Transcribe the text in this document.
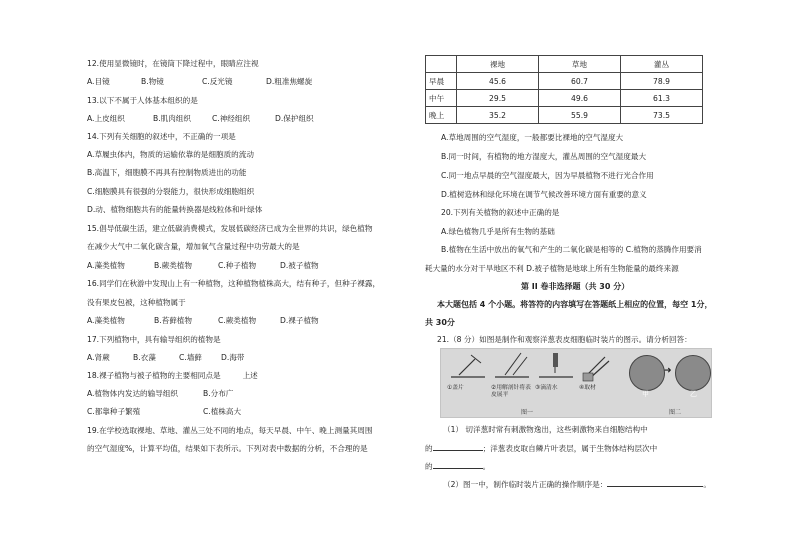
12.使用显微镜时，在镜筒下降过程中，眼睛应注视
A.目镜	B.物镜	C.反光镜	D.粗准焦螺旋
13.以下不属于人体基本组织的是
A.上皮组织	B.肌肉组织	C.神经组织	D.保护组织
14.下列有关细胞的叙述中，不正确的一项是
A.草履虫体内，物质的运输依靠的是细胞质的流动
B.高温下，细胞膜不再具有控制物质进出的功能
C.细胞膜具有很强的分裂能力，很快形成细胞组织
D.动、植物细胞共有的能量转换器是线粒体和叶绿体
15.倡导低碳生活，建立低碳消费模式，发展低碳经济已成为全世界的共识，绿色植物
在减少大气中二氧化碳含量，增加氧气含量过程中功劳最大的是
A.藻类植物	B.蕨类植物	C.种子植物	D.被子植物
16.同学们在秋游中发现山上有一种植物，这种植物植株高大，结有种子，但种子裸露，
没有果皮包被，这种植物属于
A.藻类植物	B.苔藓植物	C.蕨类植物	D.裸子植物
17.下列植物中，具有输导组织的植物是
A.肾蕨	B.衣藻	C.墙藓	D.海带
18.裸子植物与被子植物的主要相同点是	上述
A.植物体内发达的输导组织	B.分布广
C.都靠种子繁殖	C.植株高大
19.在学校选取裸地、草地、灌丛三处不同的地点，每天早晨、中午、晚上测量其周围
的空气湿度%，计算平均值，结果如下表所示。下列对表中数据的分析，不合理的是
	裸地	草地	灌丛
早晨	45.6	60.7	78.9
中午	29.5	49.6	61.3
晚上	35.2	55.9	73.5
A.草地周围的空气湿度，一般都要比裸地的空气湿度大
B.同一时间，有植物的地方湿度大，灌丛周围的空气湿度最大
C.同一地点早晨的空气湿度最大，因为早晨植物不进行光合作用
D.植树造林和绿化环境在调节气候改善环境方面有重要的意义
20.下列有关植物的叙述中正确的是
A.绿色植物几乎是所有生物的基础
B.植物在生活中放出的氧气和产生的二氧化碳是相等的 C.植物的蒸腾作用要消
耗大量的水分对干旱地区不利 D.被子植物是地球上所有生物能量的最终来源
第 II 卷非选择题（共 30 分）
本大题包括 4 个小题。将答符的内容填写在答题纸上相应的位置，每空 1分，
共 30分
21.（8 分）如图是制作和观察洋葱表皮细胞临时装片的图示。请分析回答：
（1） 切洋葱时常有刺激物逸出，这些刺激物来自细胞结构中
的	；洋葱表皮取自鳞片叶表层，属于生物体结构层次中
的	。
（2）图一中，制作临时装片正确的操作顺序是：	。
①盖片	②用解剖针将表皮展平
③滴清水	④取材
图一
甲
➜
乙
图二
